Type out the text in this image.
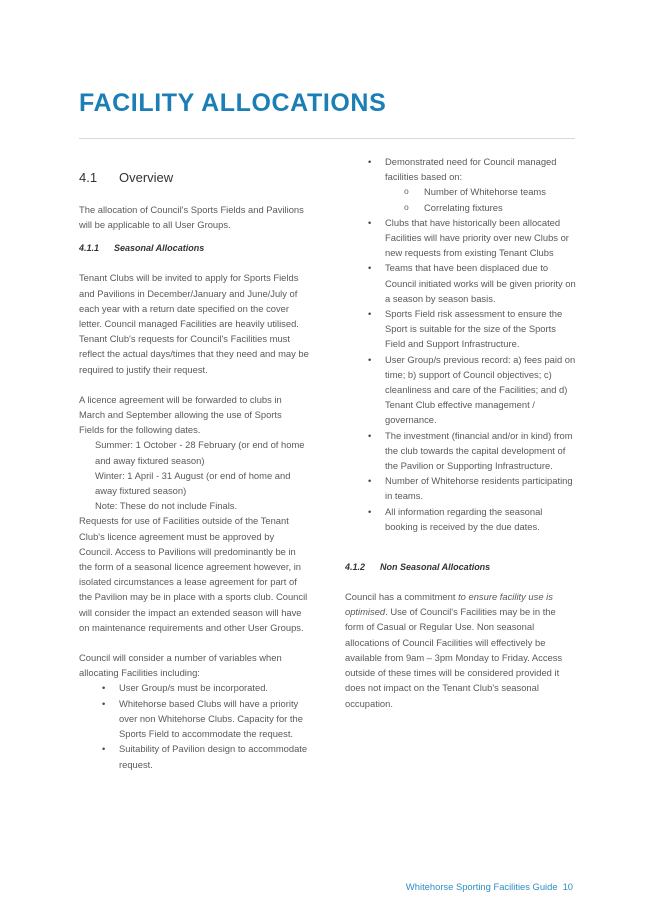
FACILITY ALLOCATIONS
4.1 Overview

The allocation of Council's Sports Fields and Pavilions will be applicable to all User Groups.

4.1.1 Seasonal Allocations

Tenant Clubs will be invited to apply for Sports Fields and Pavilions in December/January and June/July of each year with a return date specified on the cover letter. Council managed Facilities are heavily utilised. Tenant Club's requests for Council's Facilities must reflect the actual days/times that they need and may be required to justify their request.

A licence agreement will be forwarded to clubs in March and September allowing the use of Sports Fields for the following dates.

Summer: 1 October - 28 February (or end of home and away fixtured season)

Winter: 1 April - 31 August (or end of home and away fixtured season)

Note: These do not include Finals.

Requests for use of Facilities outside of the Tenant Club's licence agreement must be approved by Council. Access to Pavilions will predominantly be in the form of a seasonal licence agreement however, in isolated circumstances a lease agreement for part of the Pavilion may be in place with a sports club. Council will consider the impact an extended season will have on maintenance requirements and other User Groups.

Council will consider a number of variables when allocating Facilities including:

• User Group/s must be incorporated.
• Whitehorse based Clubs will have a priority over non Whitehorse Clubs. Capacity for the Sports Field to accommodate the request.
• Suitability of Pavilion design to accommodate request.
• Demonstrated need for Council managed facilities based on:
o Number of Whitehorse teams
o Correlating fixtures
• Clubs that have historically been allocated Facilities will have priority over new Clubs or new requests from existing Tenant Clubs
• Teams that have been displaced due to Council initiated works will be given priority on a season by season basis.
• Sports Field risk assessment to ensure the Sport is suitable for the size of the Sports Field and Support Infrastructure.
• User Group/s previous record: a) fees paid on time; b) support of Council objectives; c) cleanliness and care of the Facilities; and d) Tenant Club effective management / governance.
• The investment (financial and/or in kind) from the club towards the capital development of the Pavilion or Supporting Infrastructure.
• Number of Whitehorse residents participating in teams.
• All information regarding the seasonal booking is received by the due dates.
4.1.2 Non Seasonal Allocations

Council has a commitment to ensure facility use is optimised. Use of Council's Facilities may be in the form of Casual or Regular Use. Non seasonal allocations of Council Facilities will effectively be available from 9am – 3pm Monday to Friday. Access outside of these times will be considered provided it does not impact on the Tenant Club's seasonal occupation.

Whitehorse Sporting Facilities Guide 10
